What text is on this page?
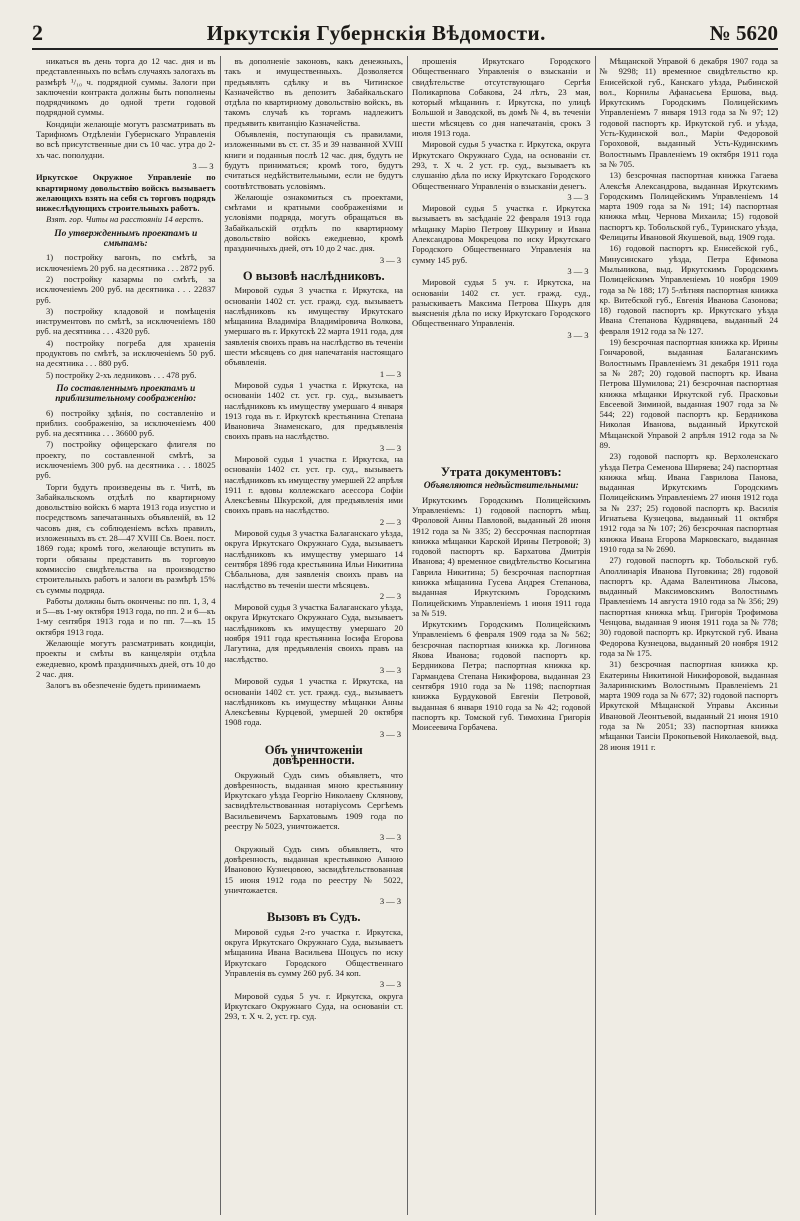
2	Иркутскія Губернскія Вѣдомости.	№ 5620

никаться въ день торга до 12 час. дня и въ представленныхъ по всѣмъ случаяхъ залогахъ въ размѣрѣ ¹/₁₀ ч. подрядной суммы. Залоги при заключеніи контракта должны быть пополнены подрядчикомъ до одной трети годовой подрядной суммы.

Кондиціи желающіе могутъ разсматривать въ Тарифномъ Отдѣленіи Губернскаго Управленія во всѣ присутственные дни съ 10 час. утра до 2-хъ час. пополудни.

3—3

Иркутское Окружное Управленіе по квартирному довольствію войскъ вызываетъ желающихъ взять на себя съ торговъ подрядъ нижеслѣдующихъ строительныхъ работъ.

Взят. гор. Читы на расстояніи 14 верстъ.

По утвержденнымъ проектамъ и смѣтамъ:

1) постройку вагонъ, по смѣтѣ, за исключеніемъ 20 руб. на десятника . . . 2872 руб.

2) постройку казармы по смѣтѣ, за исключеніемъ 200 руб. на десятника . . . 22837 руб.

3) постройку кладовой и помѣщенія инструментовъ по смѣтѣ, за исключеніемъ 180 руб. на десятника . . . 4320 руб.

4) постройку погреба для храненія продуктовъ по смѣтѣ, за исключеніемъ 50 руб. на десятника . . . 880 руб.

5) постройку 2-хъ ледниковъ . . . 478 руб.

По составленнымъ проектамъ и приблизительному соображенію:

6) постройку здѣнія, по составленію и приблиз. соображенію, за исключеніемъ 400 руб. на десятника . . . 36600 руб.

7) постройку офицерскаго флигеля по проекту, по составленной смѣтѣ, за исключеніемъ 300 руб. на десятника . . . 18025 руб.

Торги будутъ произведены въ г. Читѣ, въ Забайкальскомъ отдѣлѣ по квартирному довольствію войскъ 6 марта 1913 года изустно и посредствомъ запечатанныхъ объявленій, въ 12 часовъ дня, съ соблюденіемъ всѣхъ правилъ, изложенныхъ въ ст. 28—47 XVIII Св. Воен. пост. 1869 года; кромѣ того, желающіе вступить въ торги обязаны представить въ торговую коммиссію свидѣтельства на производство строительныхъ работъ и залоги въ размѣрѣ 15% съ суммы подряда.

Работы должны быть окончены: по пп. 1, 3, 4 и 5—въ 1-му октября 1913 года, по пп. 2 и 6—къ 1-му сентября 1913 года и по пп. 7—къ 15 октября 1913 года.

Желающіе могутъ разсматривать кондиціи, проекты и смѣты въ канцеляріи отдѣла ежедневно, кромѣ праздничныхъ дней, отъ 10 до 2 час. дня.

Залогъ въ обезпеченіе будетъ принимаемъ

въ дополненіе законовъ, какъ денежныхъ, такъ и имущественныхъ. Дозволяется предъявлять сдѣлку и въ Читинское Казначейство въ депозитъ Забайкальскаго отдѣла по квартирному довольствію войскъ, въ такомъ случаѣ къ торгамъ надлежитъ предъявить квитанцію Казначейства.

Объявленія, поступающія съ правилами, изложенными въ ст. ст. 35 и 39 названной XVIII книги и поданныя послѣ 12 час. дня, будутъ не будутъ приниматься; кромѣ того, будутъ считаться недѣйствительными, если не будутъ соотвѣтствовать условіямъ.

Желающіе ознакомиться съ проектами, смѣтами и кратными соображеніями и условіями подряда, могутъ обращаться въ Забайкальскій отдѣлъ по квартирному довольствію войскъ ежедневно, кромѣ праздничныхъ дней, отъ 10 до 2 час. дня.

3—3

О вызовѣ наслѣдниковъ.

Мировой судья 3 участка г. Иркутска, на основаніи 1402 ст. уст. гражд. суд. вызываетъ наслѣдниковъ къ имуществу Иркутскаго мѣщанина Владиміра Владиміровича Волкова, умершаго въ г. Иркутскѣ 22 марта 1911 года, для заявленія своихъ правъ на наслѣдство въ теченіи шести мѣсяцевъ со дня напечатанія настоящаго объявленія.

1—3

Мировой судья 1 участка г. Иркутска, на основаніи 1402 ст. уст. гр. суд., вызываетъ наслѣдниковъ къ имуществу умершаго 4 января 1913 года въ г. Иркутскѣ крестьянина Степана Ивановича Знаменскаго, для предъявленія своихъ правъ на наслѣдство.

3—3

Мировой судья 1 участка г. Иркутска, на основаніи 1402 ст. уст. гр. суд., вызываетъ наслѣдниковъ къ имуществу умершей 22 апрѣля 1911 г. вдовы коллежскаго асессора Софіи Алексѣевны Шкурской, для предъявленія ими своихъ правъ на наслѣдство.

2—3

Мировой судья 3 участка Балаганскаго уѣзда, округа Иркутскаго Окружнаго Суда, вызываетъ наслѣдниковъ къ имуществу умершаго 14 сентября 1896 года крестьянина Ильи Никитина Сѣбальнова, для заявленія своихъ правъ на наслѣдство въ теченіи шести мѣсяцевъ.

2—3

Мировой судья 3 участка Балаганскаго уѣзда, округа Иркутскаго Окружнаго Суда, вызываетъ наслѣдниковъ къ имуществу умершаго 20 ноября 1911 года крестьянина Іосифа Егорова Лагутина, для предъявленія своихъ правъ на наслѣдство.

3—3

Мировой судья 1 участка г. Иркутска, на основаніи 1402 ст. уст. гражд. суд., вызываетъ наслѣдниковъ къ имуществу мѣщанки Анны Алексѣевны Курцевой, умершей 20 октября 1908 года.

3—3

Объ уничтоженіи довѣренности.

Окружный Судъ симъ объявляетъ, что довѣренность, выданная мною крестьянину Иркутскаго уѣзда Георгію Николаеву Склянову, засвидѣтельствованная нотаріусомъ Сергѣемъ Васильевичемъ Бархатовымъ 1909 года по реестру № 5023, уничтожается.

3—3

Окружный Судъ симъ объявляетъ, что довѣренность, выданная крестьянкою Анною Ивановою Кузнецовою, засвидѣтельствованная 15 июня 1912 года по реестру № 5022, уничтожается.

3—3

Вызовъ въ Судъ.

Мировой судья 2-го участка г. Иркутска, округа Иркутскаго Окружнаго Суда, вызываетъ мѣщанина Ивана Васильева Шоцусъ по иску Иркутскаго Городского Общественнаго Управленія въ сумму 260 руб. 34 коп.

3—3

Мировой судья 5 уч. г. Иркутска, округа Иркутскаго Окружнаго Суда, на основаніи ст. 293, т. X ч. 2, уст. гр. суд.

прошенія Иркутскаго Городского Общественнаго Управленія о взысканіи и свидѣтельстве отсутствующаго Сергѣя Поликарпова Собакова, 24 лѣтъ, 23 мая, который мѣщанинъ г. Иркутска, по улицѣ Большой и Заводской, въ домѣ № 4, въ теченіи шести мѣсяцевъ со дня напечатанія, срокъ 3 июля 1913 года.

Мировой судья 5 участка г. Иркутска, округа Иркутскаго Окружнаго Суда, на основаніи ст. 293, т. X ч. 2 уст. гр. суд., вызываетъ къ слушанію дѣла по иску Иркутскаго Городского Общественнаго Управленія о взысканіи денегъ.

3—3

Мировой судья 5 участка г. Иркутска вызываетъ въ засѣданіе 22 февраля 1913 года мѣщанку Марію Петрову Шкурину и Ивана Александрова Мокрецова по иску Иркутскаго Городского Общественнаго Управленія на сумму 145 руб.

3—3

Мировой судья 5 уч. г. Иркутска, на основаніи 1402 ст. уст. гражд. суд., разыскиваетъ Максима Петрова Шкуръ для выясненія дѣла по иску Иркутскаго Городского Общественнаго Управленія.

3—3

Утрата документовъ:
Объявляются недѣйствительными:

Иркутскимъ Городскимъ Полицейскимъ Управленіемъ: 1) годовой паспортъ мѣщ. Фроловой Анны Павловой, выданный 28 июня 1912 года за № 335; 2) бессрочная паспортная книжка мѣщанки Карской Ирины Петровой; 3) годовой паспортъ кр. Бархатова Дмитрія Иванова; 4) временное свидѣтельство Косыгина Гаврила Никитина; 5) безсрочная паспортная книжка мѣщанина Гусева Андрея Степанова, выданная Иркутскимъ Городскимъ Полицейскимъ Управленіемъ 1 июня 1911 года за № 519.

Иркутскимъ Городскимъ Полицейскимъ Управленіемъ 6 февраля 1909 года за № 562; безсрочная паспортная книжка кр. Логинова Якова Иванова; годовой паспортъ кр. Бердникова Петра; паспортная книжка кр. Гармандева Степана Никифорова, выданная 23 сентября 1910 года за № 1198; паспортная книжка Бурдуковой Евгеніи Петровой, выданная 6 января 1910 года за № 42; годовой паспортъ кр. Томской губ. Тимохина Григорія Моисеевича Горбачева.

Мѣщанской Управой 6 декабря 1907 года за № 9298; 11) временное свидѣтельство кр. Енисейской губ., Канскаго уѣзда, Рыбинской вол., Корнилы Афанасьева Ершова, выд. Иркутскимъ Городскимъ Полицейскимъ Управленіемъ 7 января 1913 года за № 97; 12) годовой паспортъ кр. Иркутской губ. и уѣзда, Усть-Кудинской вол., Маріи Федоровой Гороховой, выданный Усть-Кудинскимъ Волостнымъ Правленіемъ 19 октября 1911 года за № 705.

13) безсрочная паспортная книжка Гагаева Алексѣя Александрова, выданная Иркутскимъ Городскимъ Полицейскимъ Управленіемъ 14 марта 1909 года за № 191; 14) паспортная книжка мѣщ. Чернова Михаила; 15) годовой паспортъ кр. Тобольской губ., Туринскаго уѣзда, Фелициты Ивановой Якушевой, выд. 1909 года.

16) годовой паспортъ кр. Енисейской губ., Минусинскаго уѣзда, Петра Ефимова Мыльникова, выд. Иркутскимъ Городскимъ Полицейскимъ Управленіемъ 10 ноября 1909 года за № 188; 17) 5-лѣтняя паспортная книжка кр. Витебской губ., Евгенія Иванова Сазонова; 18) годовой паспортъ кр. Иркутскаго уѣзда Ивана Степанова Кудрявцева, выданный 24 февраля 1912 года за № 127.

19) безсрочная паспортная книжка кр. Ирины Гончаровой, выданная Балаганскимъ Волостнымъ Правленіемъ 31 декабря 1911 года за № 287; 20) годовой паспортъ кр. Ивана Петрова Шумилова; 21) безсрочная паспортная книжка мѣщанки Иркутской губ. Прасковьи Евсеевой Зиминой, выданная 1907 года за № 544; 22) годовой паспортъ кр. Бердникова Николая Иванова, выданный Иркутской Мѣщанской Управой 2 апрѣля 1912 года за № 89.

23) годовой паспортъ кр. Верхоленскаго уѣзда Петра Семенова Ширяева; 24) паспортная книжка мѣщ. Ивана Гаврилова Панова, выданная Иркутскимъ Городскимъ Полицейскимъ Управленіемъ 27 июня 1912 года за № 237; 25) годовой паспортъ кр. Василія Игнатьева Кузнецова, выданный 11 октября 1912 года за № 107; 26) безсрочная паспортная книжка Ивана Егорова Марковскаго, выданная 1910 года за № 2690.

27) годовой паспортъ кр. Тобольской губ. Аполлинарія Иванова Пуговкина; 28) годовой паспортъ кр. Адама Валентинова Лысова, выданный Максимовскимъ Волостнымъ Правленіемъ 14 августа 1910 года за № 356; 29) паспортная книжка мѣщ. Григорія Трофимова Ченцова, выданная 9 июня 1911 года за № 778; 30) годовой паспортъ кр. Иркутской губ. Ивана Федорова Кузнецова, выданный 20 ноября 1912 года за № 175.

31) безсрочная паспортная книжка кр. Екатерины Никитиной Никифоровой, выданная Залариннскимъ Волостнымъ Правленіемъ 21 марта 1909 года за № 677; 32) годовой паспортъ Иркутской Мѣщанской Управы Аксиньи Ивановой Леонтьевой, выданный 21 июня 1910 года за № 2051; 33) паспортная книжка мѣщанки Таисіи Прокопьевой Николаевой, выд. 28 июня 1911 г.
